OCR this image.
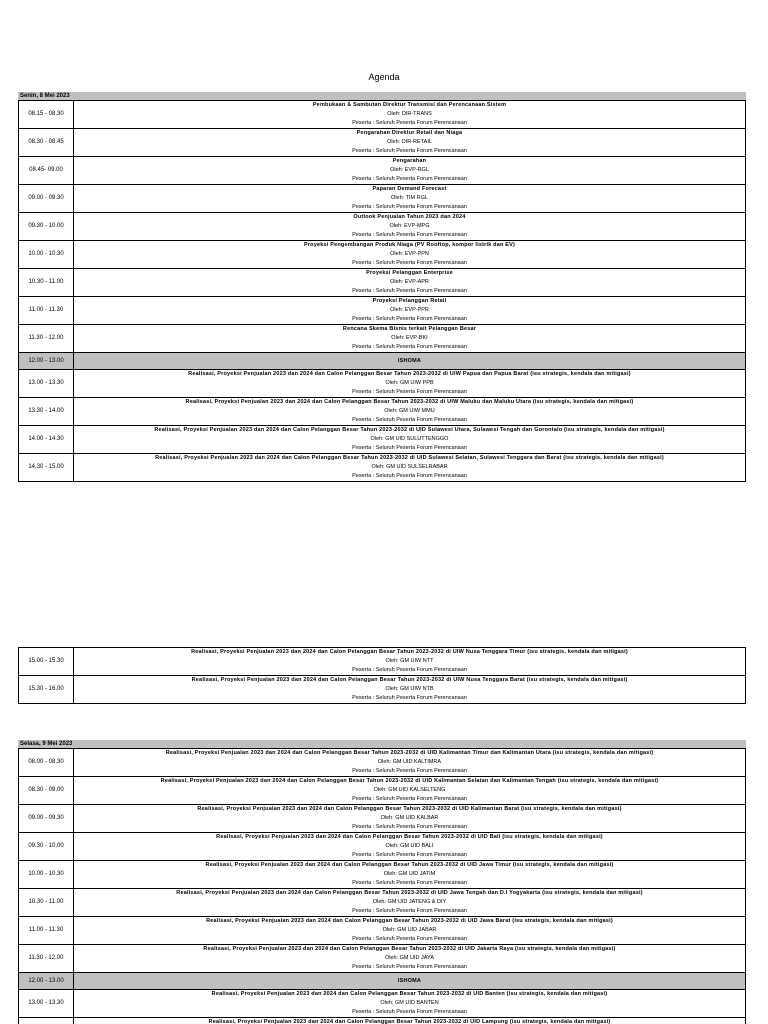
Agenda
Senin, 8 Mei 2023
08.15 - 08.30	Pembukaan & Sambutan Direktur Transmisi dan Perencanaan Sistem
Oleh: DIR-TRANS
Peserta : Seluruh Peserta Forum Perencanaan

08.30 - 08.45	Pengarahan Direktur Retail dan Niaga
Oleh: DIR-RETAIL
Peserta : Seluruh Peserta Forum Perencanaan

08.45- 09.00	Pengarahan
Oleh: EVP-RGL
Peserta : Seluruh Peserta Forum Perencanaan

09.00 - 09.30	Paparan Demand Forecast
Oleh: TIM RGL
Peserta : Seluruh Peserta Forum Perencanaan

09.30 - 10.00	Outlook Penjualan Tahun 2023 dan 2024
Oleh: EVP-MPG
Peserta : Seluruh Peserta Forum Perencanaan

10.00 - 10.30	Proyeksi Pengembangan Produk Niaga (PV Rooftop, kompor listrik dan EV)
Oleh: EVP-PPN
Peserta : Seluruh Peserta Forum Perencanaan

10.30 - 11.00	Proyeksi Pelanggan Enterprise
Oleh: EVP-APR
Peserta : Seluruh Peserta Forum Perencanaan

11.00 - 11.30	Proyeksi Pelanggan Retail
Oleh: EVP-PPR
Peserta : Seluruh Peserta Forum Perencanaan

11.30 - 12.00	Rencana Skema Bisnis terkait Pelanggan Besar
Oleh: EVP-BKI
Peserta : Seluruh Peserta Forum Perencanaan

12.00 - 13.00	ISHOMA

13.00 - 13.30	Realisasi, Proyeksi Penjualan 2023 dan 2024 dan Calon Pelanggan Besar Tahun 2023-2032 di UIW Papua dan Papua Barat (isu strategis, kendala dan mitigasi)
Oleh: GM UIW PPB
Peserta : Seluruh Peserta Forum Perencanaan

13.30 - 14.00	Realisasi, Proyeksi Penjualan 2023 dan 2024 dan Calon Pelanggan Besar Tahun 2023-2032 di UIW Maluku dan Maluku Utara (isu strategis, kendala dan mitigasi)
Oleh: GM UIW MMU
Peserta : Seluruh Peserta Forum Perencanaan

14.00 - 14.30	Realisasi, Proyeksi Penjualan 2023 dan 2024 dan Calon Pelanggan Besar Tahun 2023-2032 di UID Sulawesi Utara, Sulawesi Tengah dan Gorontalo (isu strategis, kendala dan mitigasi)
Oleh: GM UID SULUTTENGGO
Peserta : Seluruh Peserta Forum Perencanaan

14.30 - 15.00	Realisasi, Proyeksi Penjualan 2023 dan 2024 dan Calon Pelanggan Besar Tahun 2023-2032 di UID Sulawesi Selatan, Sulawesi Tenggara dan Barat (isu strategis, kendala dan mitigasi)
Oleh: GM UID SULSELRABAR
Peserta : Seluruh Peserta Forum Perencanaan
15.00 - 15.30	Realisasi, Proyeksi Penjualan 2023 dan 2024 dan Calon Pelanggan Besar Tahun 2023-2032 di UIW Nusa Tenggara Timur (isu strategis, kendala dan mitigasi)
Oleh: GM UIW NTT
Peserta : Seluruh Peserta Forum Perencanaan

15.30 - 16.00	Realisasi, Proyeksi Penjualan 2023 dan 2024 dan Calon Pelanggan Besar Tahun 2023-2032 di UIW Nusa Tenggara Barat (isu strategis, kendala dan mitigasi)
Oleh: GM UIW NTB
Peserta : Seluruh Peserta Forum Perencanaan
Selasa, 9 Mei 2023
08.00 - 08.30	Realisasi, Proyeksi Penjualan 2023 dan 2024 dan Calon Pelanggan Besar Tahun 2023-2032 di UID Kalimantan Timur dan Kalimantan Utara (isu strategis, kendala dan mitigasi)
Oleh: GM UID KALTIMRA
Peserta : Seluruh Peserta Forum Perencanaan

08.30 - 09.00	Realisasi, Proyeksi Penjualan 2023 dan 2024 dan Calon Pelanggan Besar Tahun 2023-2032 di UID Kalimantan Selatan dan Kalimantan Tengah (isu strategis, kendala dan mitigasi)
Oleh: GM UID KALSELTENG
Peserta : Seluruh Peserta Forum Perencanaan

09.00 - 09.30	Realisasi, Proyeksi Penjualan 2023 dan 2024 dan Calon Pelanggan Besar Tahun 2023-2032 di UID Kalimantan Barat (isu strategis, kendala dan mitigasi)
Oleh: GM UID KALBAR
Peserta : Seluruh Peserta Forum Perencanaan

09.30 - 10.00	Realisasi, Proyeksi Penjualan 2023 dan 2024 dan Calon Pelanggan Besar Tahun 2023-2032 di UID Bali (isu strategis, kendala dan mitigasi)
Oleh: GM UID BALI
Peserta : Seluruh Peserta Forum Perencanaan

10.00 - 10.30	Realisasi, Proyeksi Penjualan 2023 dan 2024 dan Calon Pelanggan Besar Tahun 2023-2032 di UID Jawa Timur (isu strategis, kendala dan mitigasi)
Oleh: GM UID JATIM
Peserta : Seluruh Peserta Forum Perencanaan

10.30 - 11.00	Realisasi, Proyeksi Penjualan 2023 dan 2024 dan Calon Pelanggan Besar Tahun 2023-2032 di UID Jawa Tengah dan D.I Yogyakarta (isu strategis, kendala dan mitigasi)
Oleh: GM UID JATENG & DIY
Peserta : Seluruh Peserta Forum Perencanaan

11.00 - 11.30	Realisasi, Proyeksi Penjualan 2023 dan 2024 dan Calon Pelanggan Besar Tahun 2023-2032 di UID Jawa Barat (isu strategis, kendala dan mitigasi)
Oleh: GM UID JABAR
Peserta : Seluruh Peserta Forum Perencanaan

11.30 - 12.00	Realisasi, Proyeksi Penjualan 2023 dan 2024 dan Calon Pelanggan Besar Tahun 2023-2032 di UID Jakarta Raya (isu strategis, kendala dan mitigasi)
Oleh: GM UID JAYA
Peserta : Seluruh Peserta Forum Perencanaan

12.00 - 13.00	ISHOMA

13.00 - 13.30	Realisasi, Proyeksi Penjualan 2023 dan 2024 dan Calon Pelanggan Besar Tahun 2023-2032 di UID Banten (isu strategis, kendala dan mitigasi)
Oleh: GM UID BANTEN
Peserta : Seluruh Peserta Forum Perencanaan

	Realisasi, Proyeksi Penjualan 2023 dan 2024 dan Calon Pelanggan Besar Tahun 2023-2032 di UID Lampung (isu strategis, kendala dan mitigasi)
